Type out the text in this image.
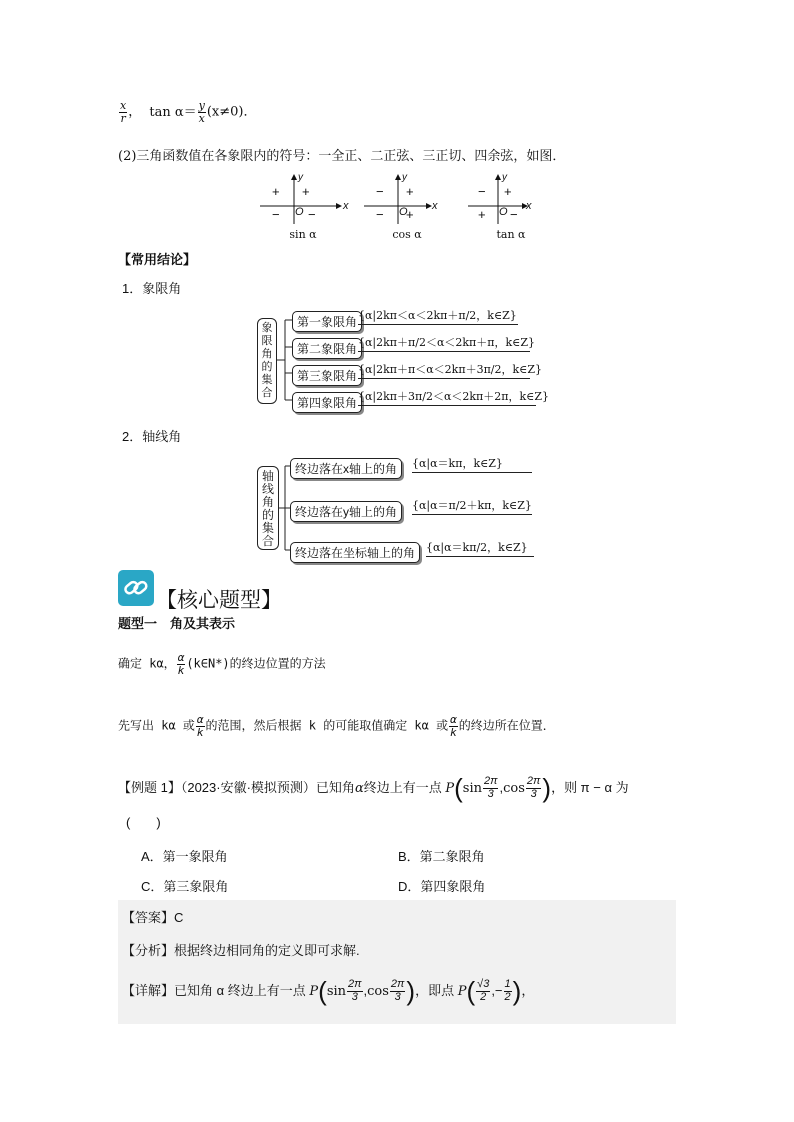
$\frac{x}{r}$ ， $\tan \alpha= \frac{y}{x} (x\ne 0)$．
(2)三角函数值在各象限内的符号：一全正、二正弦、三正切、四余弦，如图．
y
x
O
+ +
− −
sin α
y
x
O
− +
− +
cos α
y
x
O
− +
+ −
tan α
【常用结论】
1．象限角
象限角的集合
第一象限角 {α|2kπ＜α＜2kπ＋π/2，k∈Z}
第二象限角 {α|2kπ＋π/2＜α＜2kπ＋π，k∈Z}
第三象限角 {α|2kπ＋π＜α＜2kπ＋3π/2，k∈Z}
第四象限角 {α|2kπ＋3π/2＜α＜2kπ＋2π，k∈Z}
2．轴线角
轴线角的集合
终边落在x轴上的角	{α|α＝kπ，k∈Z}
终边落在y轴上的角	{α|α＝π/2＋kπ，k∈Z}
终边落在坐标轴上的角 {α|α＝kπ/2，k∈Z}
【核心题型】
题型一　角及其表示
确定 kα， $\frac{\alpha}{k}$ (k∈N*)的终边位置的方法
先写出 kα 或 $\frac{\alpha}{k}$ 的范围，然后根据 k 的可能取值确定 kα 或 $\frac{\alpha}{k}$ 的终边所在位置．
【例题 1】（2023·安徽·模拟预测）已知角α终边上有一点 $P(\sin \frac{2\pi}{3} ,\cos \frac{2\pi}{3}$ )，则 π − α 为
(　　)
A．第一象限角	B．第二象限角
C．第三象限角	D．第四象限角
【答案】C
【分析】根据终边相同角的定义即可求解.
【详解】已知角 α 终边上有一点 $P(\sin \frac{2\pi}{3} ,\cos \frac{2\pi}{3}$ )，即点 $P( \frac{√3}{2}$ ,− $\frac{1}{2}$ )，
